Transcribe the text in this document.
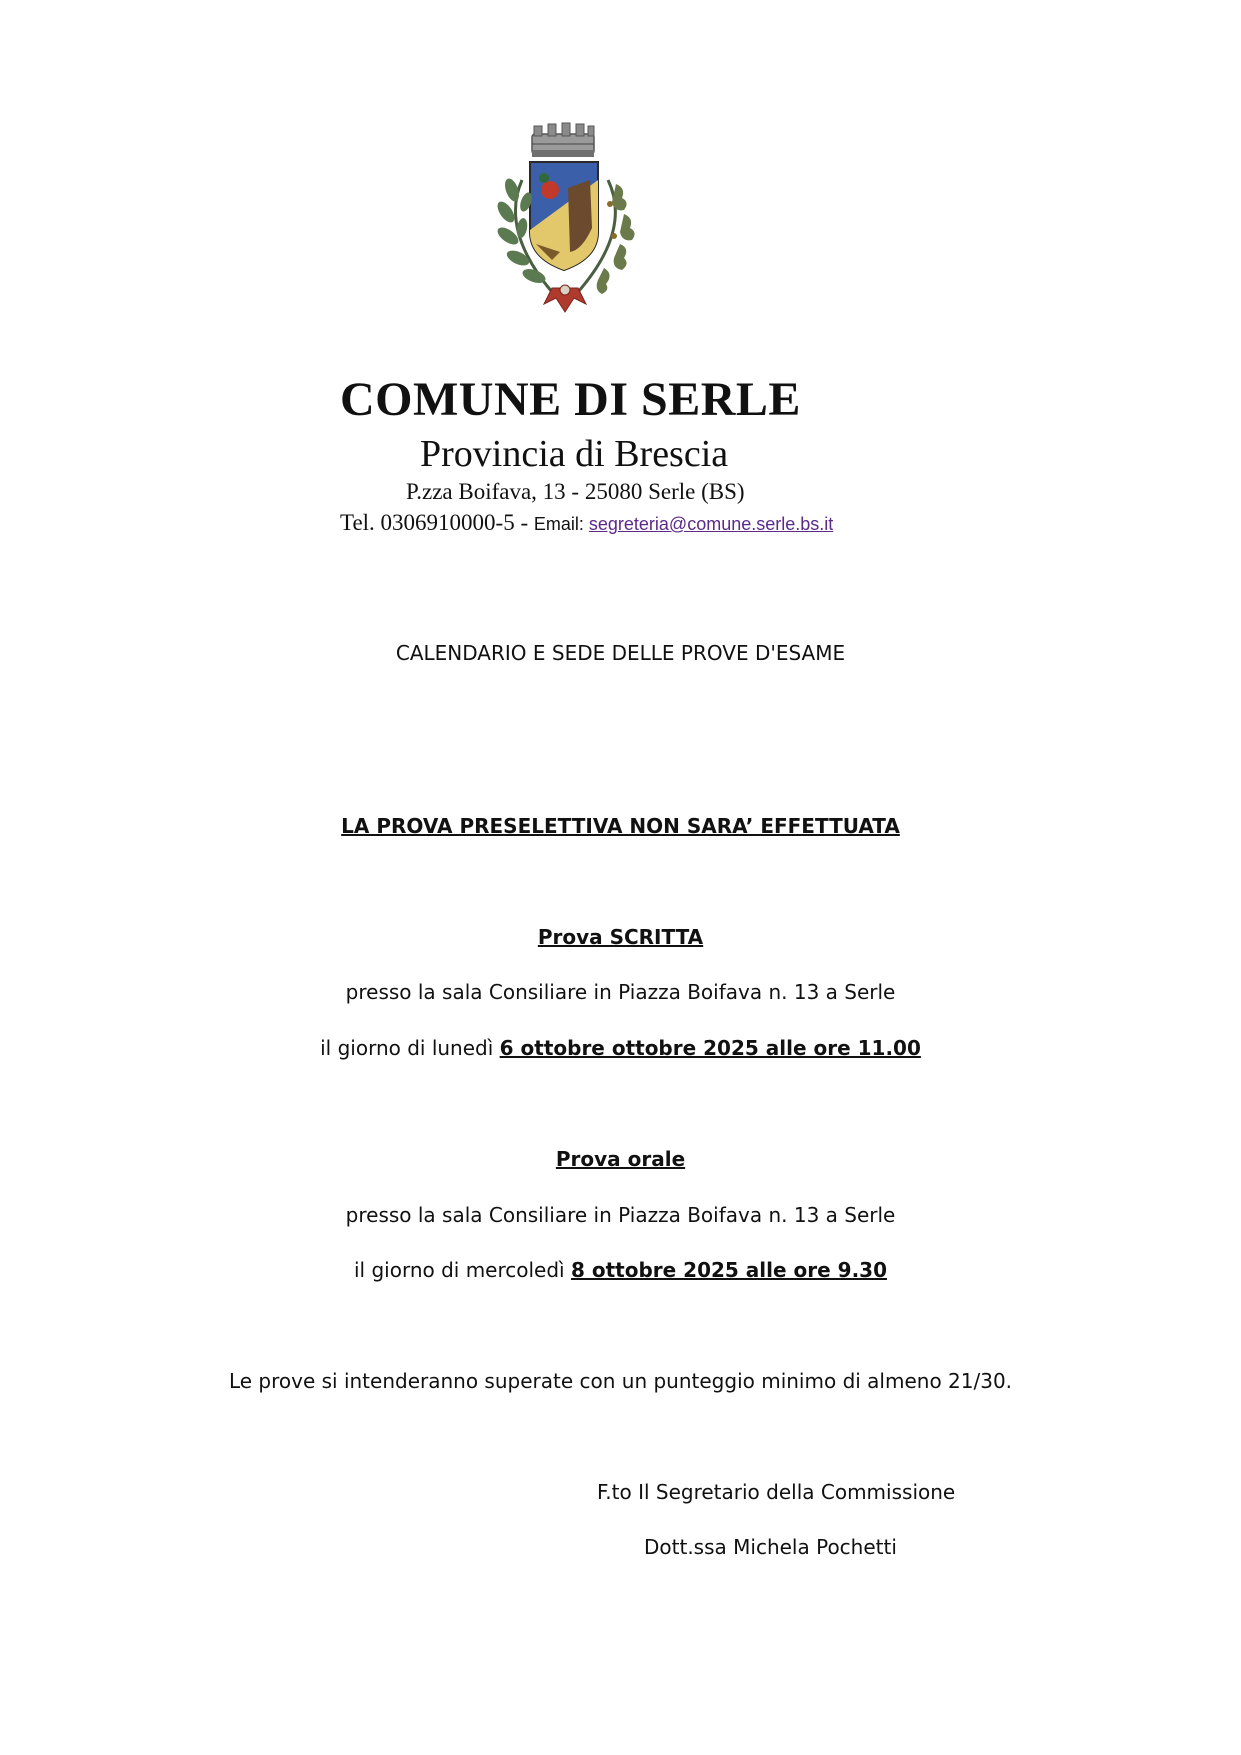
COMUNE DI SERLE
Provincia di Brescia
P.zza Boifava, 13 - 25080 Serle (BS)
Tel. 0306910000-5 - Email: segreteria@comune.serle.bs.it
CALENDARIO E SEDE DELLE PROVE D'ESAME
LA PROVA PRESELETTIVA NON SARA’ EFFETTUATA
Prova SCRITTA
presso la sala Consiliare in Piazza Boifava n. 13 a Serle
il giorno di lunedì 6 ottobre ottobre 2025 alle ore 11.00
Prova orale
presso la sala Consiliare in Piazza Boifava n. 13 a Serle
il giorno di mercoledì 8 ottobre 2025 alle ore 9.30
Le prove si intenderanno superate con un punteggio minimo di almeno 21/30.
F.to Il Segretario della Commissione
Dott.ssa Michela Pochetti
